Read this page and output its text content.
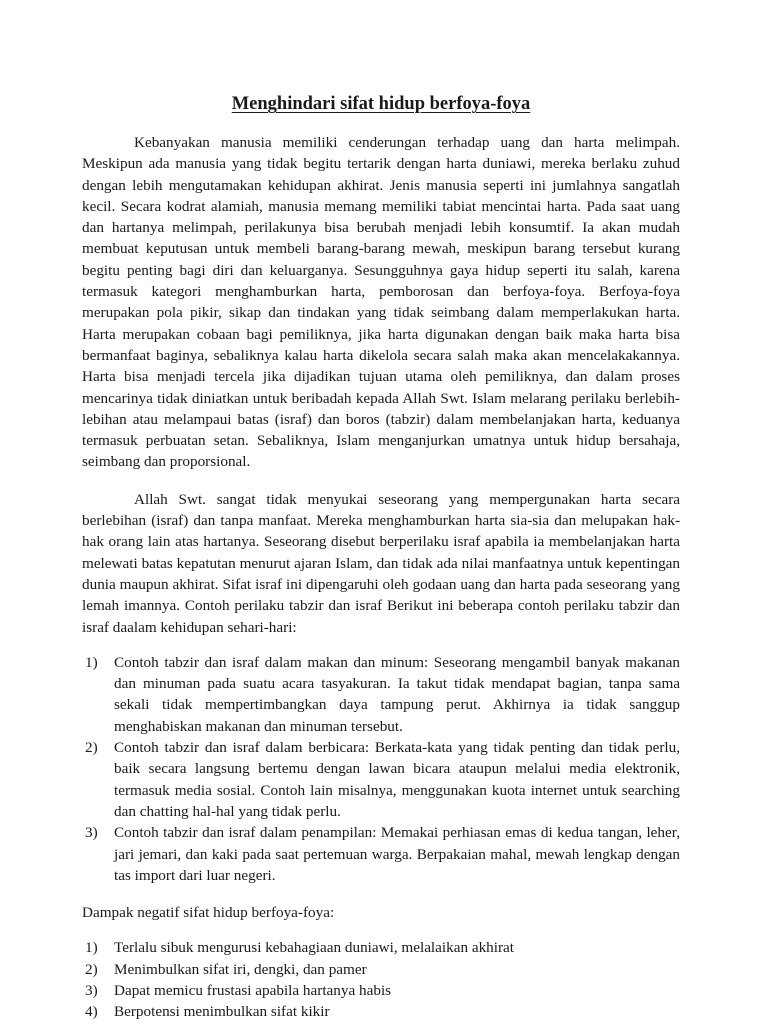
Menghindari sifat hidup berfoya-foya

Kebanyakan manusia memiliki cenderungan terhadap uang dan harta melimpah. Meskipun ada manusia yang tidak begitu tertarik dengan harta duniawi, mereka berlaku zuhud dengan lebih mengutamakan kehidupan akhirat. Jenis manusia seperti ini jumlahnya sangatlah kecil. Secara kodrat alamiah, manusia memang memiliki tabiat mencintai harta. Pada saat uang dan hartanya melimpah, perilakunya bisa berubah menjadi lebih konsumtif. Ia akan mudah membuat keputusan untuk membeli barang-barang mewah, meskipun barang tersebut kurang begitu penting bagi diri dan keluarganya. Sesungguhnya gaya hidup seperti itu salah, karena termasuk kategori menghamburkan harta, pemborosan dan berfoya-foya. Berfoya-foya merupakan pola pikir, sikap dan tindakan yang tidak seimbang dalam memperlakukan harta. Harta merupakan cobaan bagi pemiliknya, jika harta digunakan dengan baik maka harta bisa bermanfaat baginya, sebaliknya kalau harta dikelola secara salah maka akan mencelakakannya. Harta bisa menjadi tercela jika dijadikan tujuan utama oleh pemiliknya, dan dalam proses mencarinya tidak diniatkan untuk beribadah kepada Allah Swt. Islam melarang perilaku berlebih-lebihan atau melampaui batas (israf) dan boros (tabzir) dalam membelanjakan harta, keduanya termasuk perbuatan setan. Sebaliknya, Islam menganjurkan umatnya untuk hidup bersahaja, seimbang dan proporsional.

Allah Swt. sangat tidak menyukai seseorang yang mempergunakan harta secara berlebihan (israf) dan tanpa manfaat. Mereka menghamburkan harta sia-sia dan melupakan hak-hak orang lain atas hartanya. Seseorang disebut berperilaku israf apabila ia membelanjakan harta melewati batas kepatutan menurut ajaran Islam, dan tidak ada nilai manfaatnya untuk kepentingan dunia maupun akhirat. Sifat israf ini dipengaruhi oleh godaan uang dan harta pada seseorang yang lemah imannya. Contoh perilaku tabzir dan israf Berikut ini beberapa contoh perilaku tabzir dan israf daalam kehidupan sehari-hari:

1)	Contoh tabzir dan israf dalam makan dan minum: Seseorang mengambil banyak makanan dan minuman pada suatu acara tasyakuran. Ia takut tidak mendapat bagian, tanpa sama sekali tidak mempertimbangkan daya tampung perut. Akhirnya ia tidak sanggup menghabiskan makanan dan minuman tersebut.
2)	Contoh tabzir dan israf dalam berbicara: Berkata-kata yang tidak penting dan tidak perlu, baik secara langsung bertemu dengan lawan bicara ataupun melalui media elektronik, termasuk media sosial. Contoh lain misalnya, menggunakan kuota internet untuk searching dan chatting hal-hal yang tidak perlu.
3)	Contoh tabzir dan israf dalam penampilan: Memakai perhiasan emas di kedua tangan, leher, jari jemari, dan kaki pada saat pertemuan warga. Berpakaian mahal, mewah lengkap dengan tas import dari luar negeri.

Dampak negatif sifat hidup berfoya-foya:

1)	Terlalu sibuk mengurusi kebahagiaan duniawi, melalaikan akhirat
2)	Menimbulkan sifat iri, dengki, dan pamer
3)	Dapat memicu frustasi apabila hartanya habis
4)	Berpotensi menimbulkan sifat kikir
